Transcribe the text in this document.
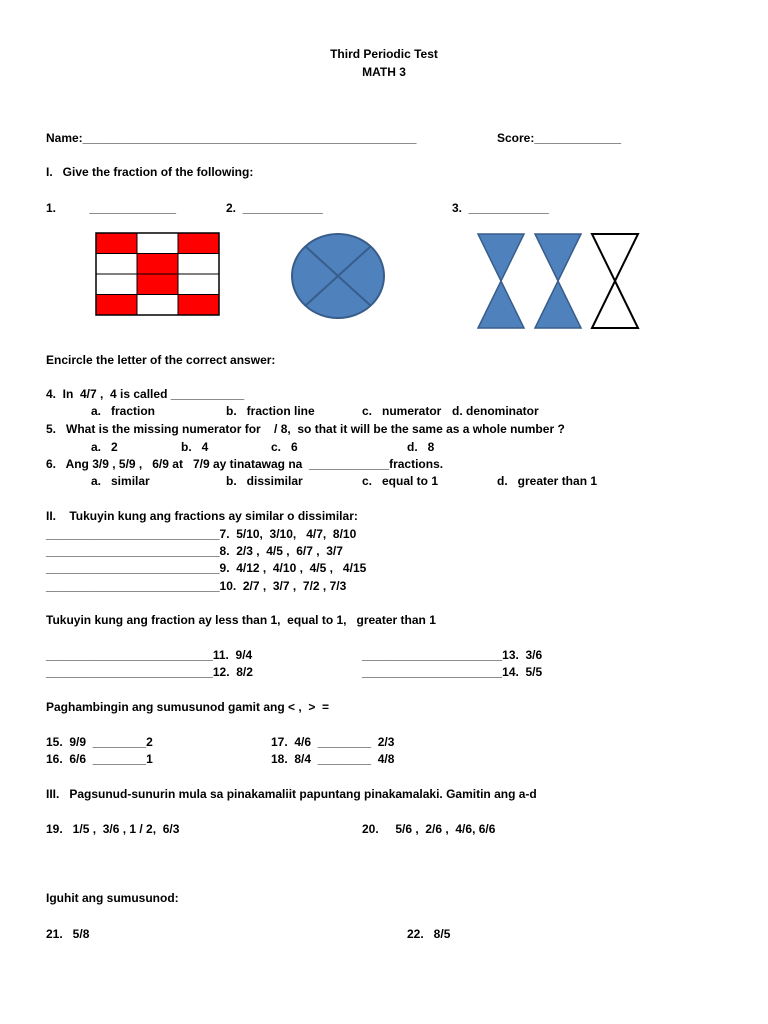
Third Periodic Test
MATH 3
Name:__________________________________________________	Score:_____________
I.   Give the fraction of the following:
1.          _____________	2.  ____________	3.  ____________
Encircle the letter of the correct answer:
4.  In  4/7 ,  4 is called ___________
a.   fraction	b.   fraction line	c.   numerator d. denominator
5.   What is the missing numerator for    / 8,  so that it will be the same as a whole number ?
a.   2	b.   4	c.   6	d.   8
6.   Ang 3/9 , 5/9 ,   6/9 at   7/9 ay tinatawag na  ____________fractions.
a.   similar	b.   dissimilar	c.   equal to 1	d.   greater than 1
II.    Tukuyin kung ang fractions ay similar o dissimilar:
__________________________7.  5/10,  3/10,   4/7,  8/10
__________________________8.  2/3 ,  4/5 ,  6/7 ,  3/7
__________________________9.  4/12 ,  4/10 ,  4/5 ,   4/15
__________________________10.  2/7 ,  3/7 ,  7/2 , 7/3
Tukuyin kung ang fraction ay less than 1,  equal to 1,   greater than 1
_________________________11.  9/4
_________________________12.  8/2
_____________________13.  3/6
_____________________14.  5/5
Paghambingin ang sumusunod gamit ang < ,  >  =
15.  9/9  ________2
16.  6/6  ________1
17.  4/6  ________  2/3
18.  8/4  ________  4/8
III.   Pagsunud-sunurin mula sa pinakamaliit papuntang pinakamalaki. Gamitin ang a-d
19.   1/5 ,  3/6 , 1 / 2,  6/3	20.     5/6 ,  2/6 ,  4/6, 6/6
Iguhit ang sumusunod:
21.   5/8	22.   8/5
